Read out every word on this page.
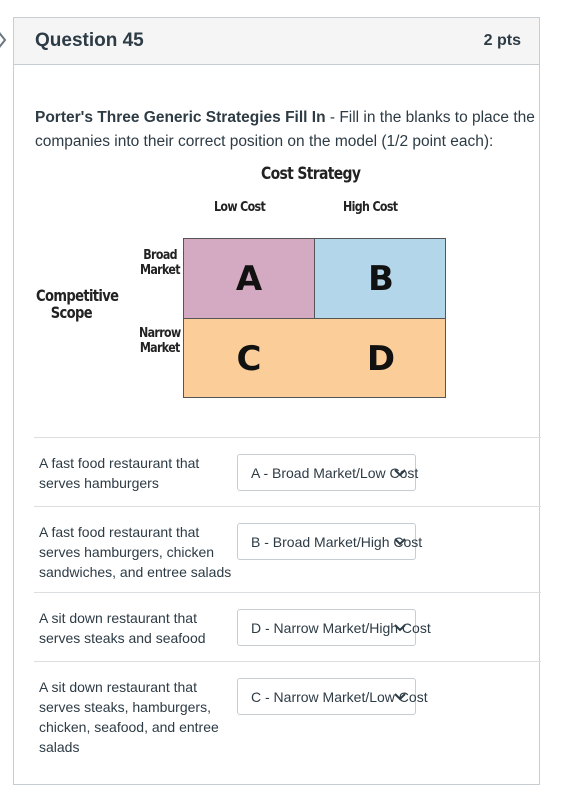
Question 45	2 pts
Porter's Three Generic Strategies Fill In - Fill in the blanks to place the companies into their correct position on the model (1/2 point each):
Cost Strategy
Low Cost	High Cost
Competitive
Scope
Broad
Market
Narrow
Market
A	B
C	D
A fast food restaurant that serves hamburgers
A - Broad Market/Low Cost
A fast food restaurant that serves hamburgers, chicken sandwiches, and entree salads
B - Broad Market/High Cost
A sit down restaurant that serves steaks and seafood
D - Narrow Market/High Cost
A sit down restaurant that serves steaks, hamburgers, chicken, seafood, and entree salads
C - Narrow Market/Low Cost
